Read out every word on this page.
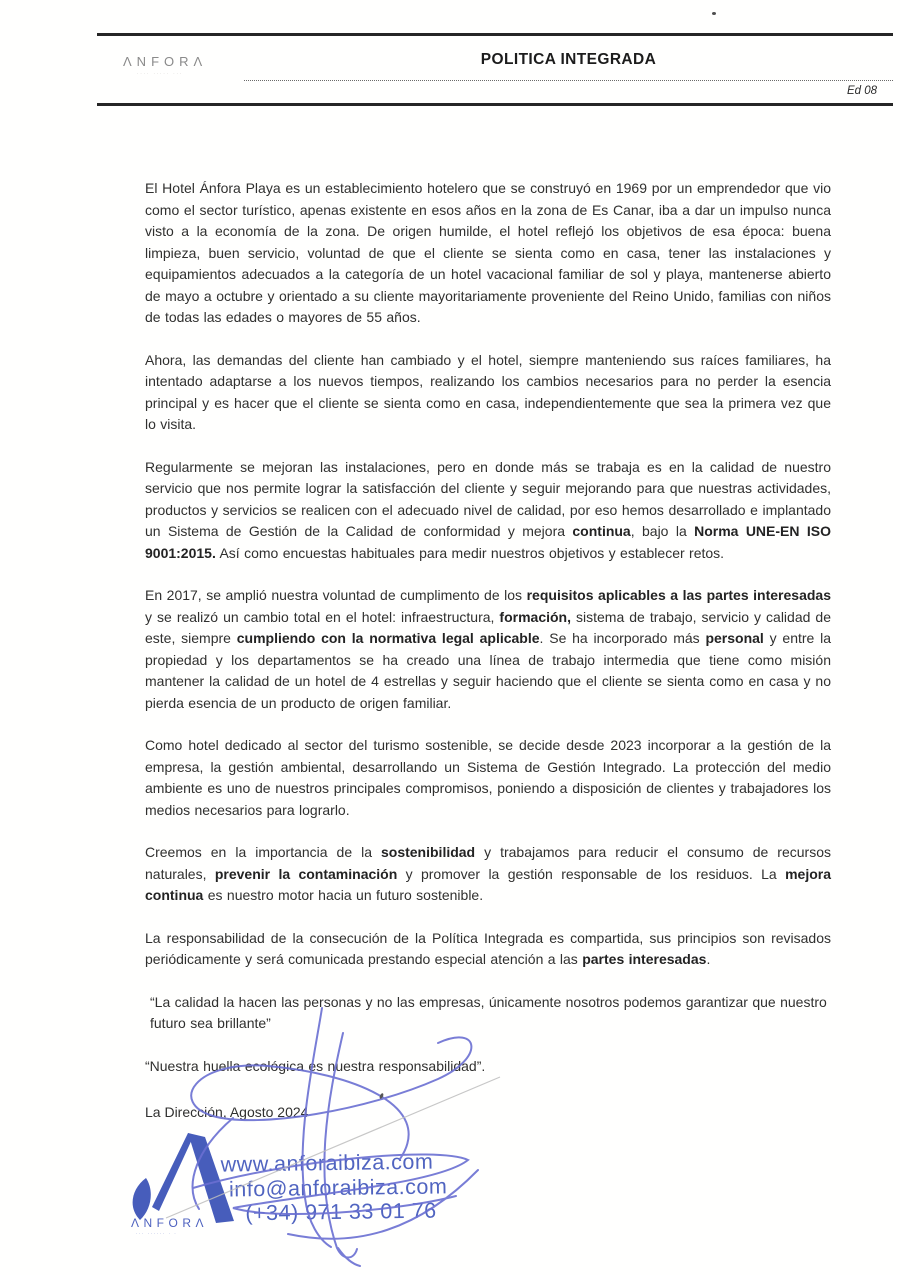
ΛNFORΛ
···· ····· ···
POLITICA INTEGRADA
Ed 08

El Hotel Ánfora Playa es un establecimiento hotelero que se construyó en 1969 por un emprendedor que vio como el sector turístico, apenas existente en esos años en la zona de Es Canar, iba a dar un impulso nunca visto a la economía de la zona. De origen humilde, el hotel reflejó los objetivos de esa época: buena limpieza, buen servicio, voluntad de que el cliente se sienta como en casa, tener las instalaciones y equipamientos adecuados a la categoría de un hotel vacacional familiar de sol y playa, mantenerse abierto de mayo a octubre y orientado a su cliente mayoritariamente proveniente del Reino Unido, familias con niños de todas las edades o mayores de 55 años.

Ahora, las demandas del cliente han cambiado y el hotel, siempre manteniendo sus raíces familiares, ha intentado adaptarse a los nuevos tiempos, realizando los cambios necesarios para no perder la esencia principal y es hacer que el cliente se sienta como en casa, independientemente que sea la primera vez que lo visita.

Regularmente se mejoran las instalaciones, pero en donde más se trabaja es en la calidad de nuestro servicio que nos permite lograr la satisfacción del cliente y seguir mejorando para que nuestras actividades, productos y servicios se realicen con el adecuado nivel de calidad, por eso hemos desarrollado e implantado un Sistema de Gestión de la Calidad de conformidad y mejora continua, bajo la Norma UNE-EN ISO 9001:2015. Así como encuestas habituales para medir nuestros objetivos y establecer retos.

En 2017, se amplió nuestra voluntad de cumplimento de los requisitos aplicables a las partes interesadas y se realizó un cambio total en el hotel: infraestructura, formación, sistema de trabajo, servicio y calidad de este, siempre cumpliendo con la normativa legal aplicable. Se ha incorporado más personal y entre la propiedad y los departamentos se ha creado una línea de trabajo intermedia que tiene como misión mantener la calidad de un hotel de 4 estrellas y seguir haciendo que el cliente se sienta como en casa y no pierda esencia de un producto de origen familiar.

Como hotel dedicado al sector del turismo sostenible, se decide desde 2023 incorporar a la gestión de la empresa, la gestión ambiental, desarrollando un Sistema de Gestión Integrado. La protección del medio ambiente es uno de nuestros principales compromisos, poniendo a disposición de clientes y trabajadores los medios necesarios para lograrlo.

Creemos en la importancia de la sostenibilidad y trabajamos para reducir el consumo de recursos naturales, prevenir la contaminación y promover la gestión responsable de los residuos. La mejora continua es nuestro motor hacia un futuro sostenible.

La responsabilidad de la consecución de la Política Integrada es compartida, sus principios son revisados periódicamente y será comunicada prestando especial atención a las partes interesadas.

“La calidad la hacen las personas y no las empresas, únicamente nosotros podemos garantizar que nuestro futuro sea brillante”

“Nuestra huella ecológica es nuestra responsabilidad”.

La Dirección, Agosto 2024

ΛNFORΛ
··· ······ · ·
www.anforaibiza.com
info@anforaibiza.com
(+34) 971 33 01 76
